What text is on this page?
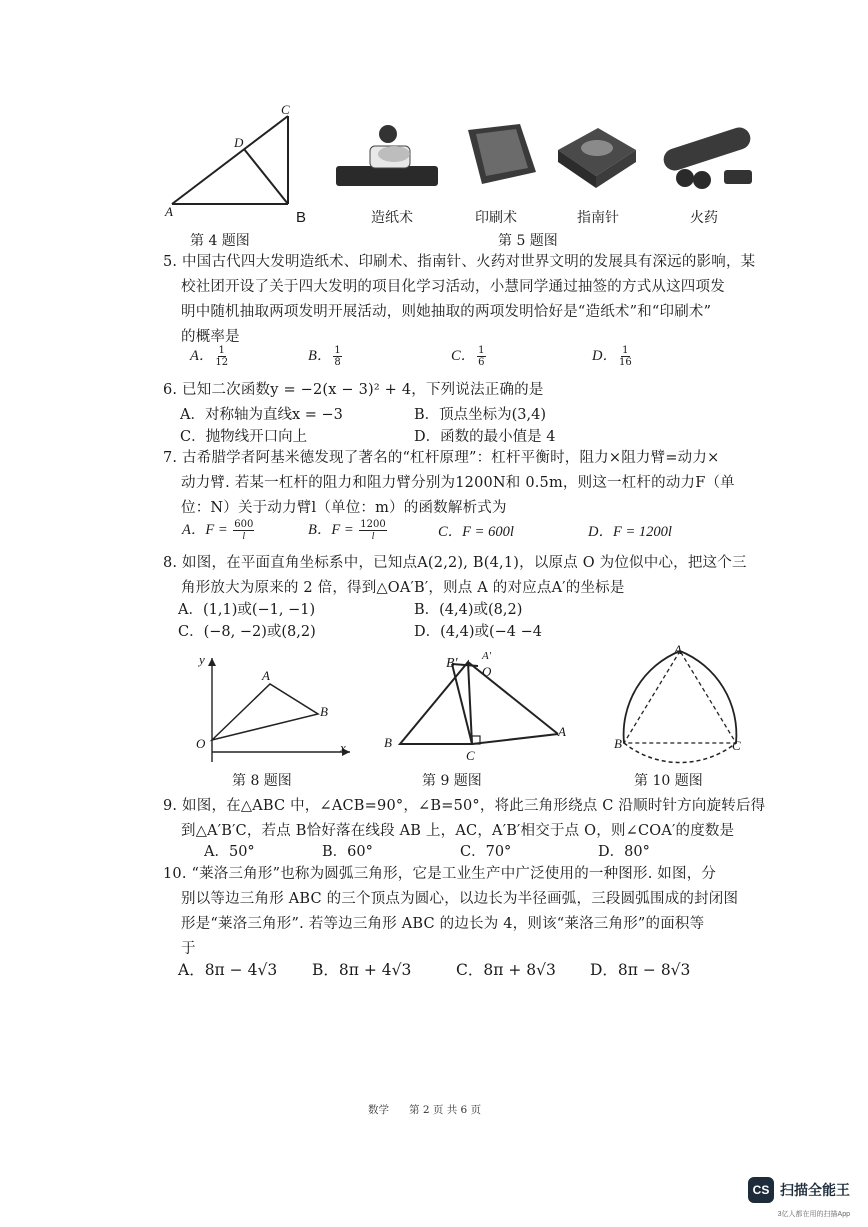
A	B
C
D
第 4 题图
造纸术	印刷术	指南针	火药
第 5 题图
5. 中国古代四大发明造纸术、印刷术、指南针、火药对世界文明的发展具有深远的影响，某
校社团开设了关于四大发明的项目化学习活动，小慧同学通过抽签的方式从这四项发
明中随机抽取两项发明开展活动，则她抽取的两项发明恰好是“造纸术”和“印刷术”
的概率是
A． $\frac{1}{12}$	B． $\frac{1}{8}$	C． $\frac{1}{6}$	D． $\frac{1}{16}$
6. 已知二次函数y = −2(x − 3)² + 4，下列说法正确的是
A．对称轴为直线x = −3	B．顶点坐标为(3,4)
C．抛物线开口向上	D．函数的最小值是 4
7. 古希腊学者阿基米德发现了著名的“杠杆原理”：杠杆平衡时，阻力×阻力臂=动力×
动力臂. 若某一杠杆的阻力和阻力臂分别为1200N和 0.5m，则这一杠杆的动力F（单
位：N）关于动力臂l（单位：m）的函数解析式为
A．$F = \frac{600}{l}$	B．$F = \frac{1200}{l}$	C．F = 600l	D．F = 1200l
8. 如图，在平面直角坐标系中，已知点A(2,2), B(4,1)，以原点 O 为位似中心，把这个三
角形放大为原来的 2 倍，得到△OA′B′，则点 A 的对应点A′的坐标是
A．(1,1)或(−1, −1)	B．(4,4)或(8,2)
C．(−8, −2)或(8,2)	D．(4,4)或(−4 −4
y
x
O
A
B
第 8 题图
B' A'
O
B
C
A
第 9 题图
A
B	C
第 10 题图
9. 如图，在△ABC 中，∠ACB=90°，∠B=50°，将此三角形绕点 C 沿顺时针方向旋转后得
到△A′B′C，若点 B恰好落在线段 AB 上，AC，A′B′相交于点 O，则∠COA′的度数是
A．50°	B．60°	C．70°	D．80°
10. “莱洛三角形”也称为圆弧三角形，它是工业生产中广泛使用的一种图形. 如图，分
别以等边三角形 ABC 的三个顶点为圆心，以边长为半径画弧，三段圆弧围成的封闭图
形是“莱洛三角形”. 若等边三角形 ABC 的边长为 4，则该“莱洛三角形”的面积等
于
A．8π − 4√3 B．8π + 4√3	C．8π + 8√3 D．8π − 8√3
数学      第 2 页 共 6 页
CS 扫描全能王
3亿人都在用的扫描App
